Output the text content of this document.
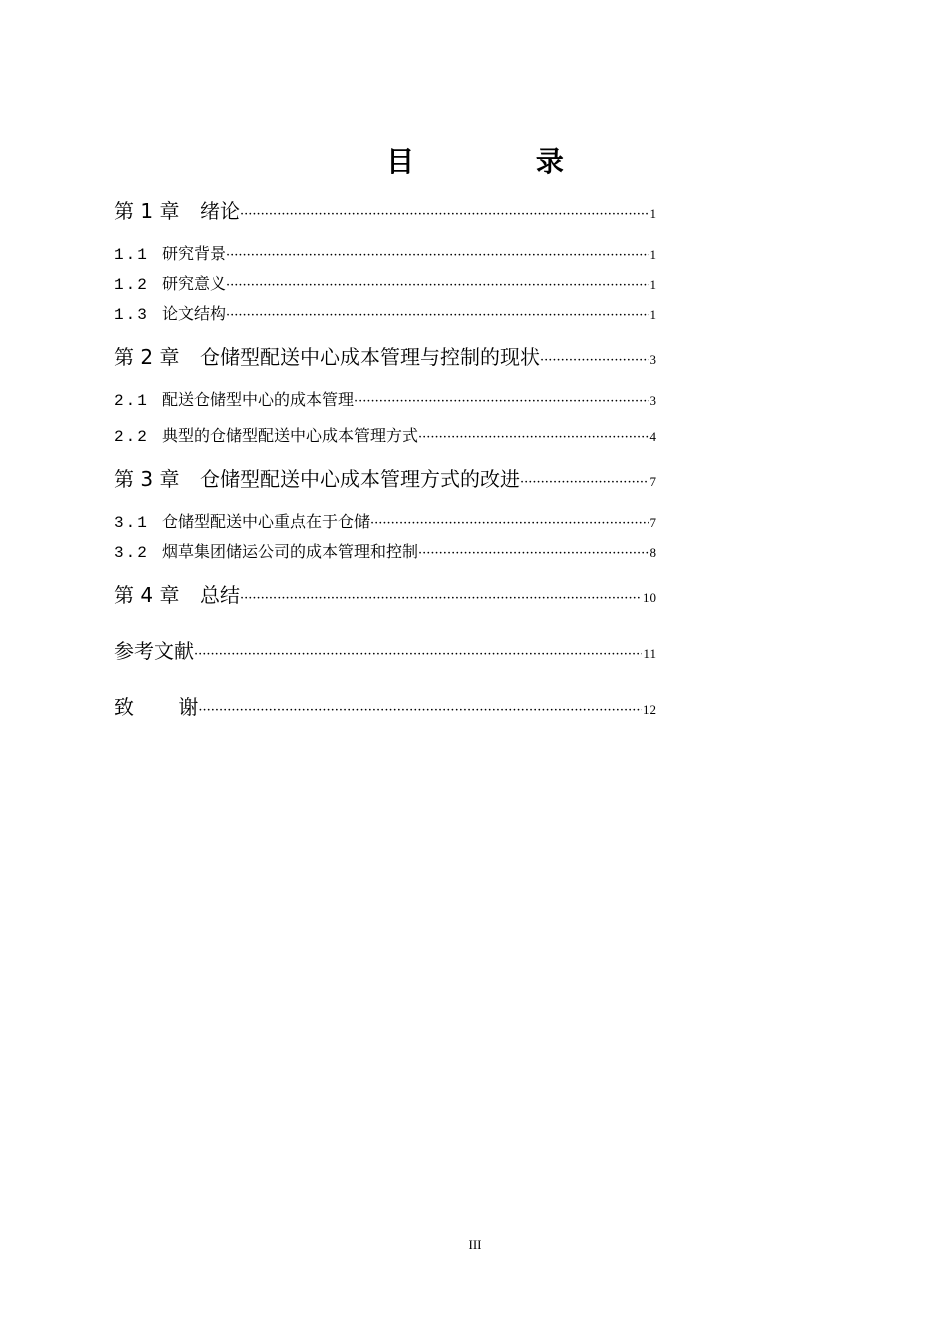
目 录
第 1 章 绪论 ·····	1
1.1 研究背景 ·····	1
1.2 研究意义 ·····	1
1.3 论文结构 ·····	1
第 2 章 仓储型配送中心成本管理与控制的现状 ·····	3
2.1 配送仓储型中心的成本管理 ·····	3
2.2 典型的仓储型配送中心成本管理方式 ·····	4
第 3 章 仓储型配送中心成本管理方式的改进 ·····	7
3.1 仓储型配送中心重点在于仓储 ·····	7
3.2 烟草集团储运公司的成本管理和控制 ·····	8
第 4 章 总结 ·····	10
参考文献 ·····	11
致 谢 ·····	12
III
